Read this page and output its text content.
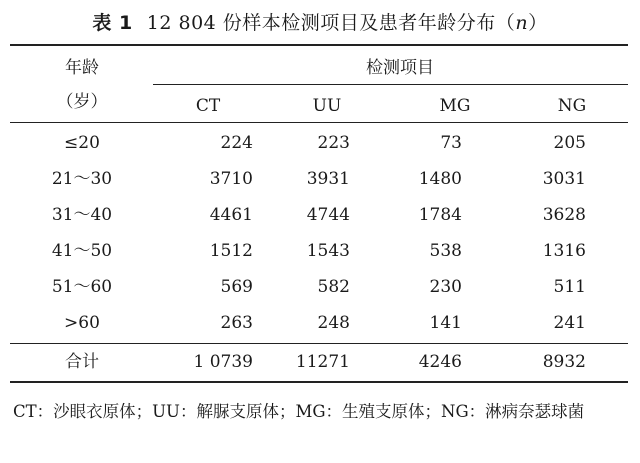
表 1 12 804 份样本检测项目及患者年龄分布（n）
年龄
（岁）
检测项目
CT	UU	MG	NG
≤20	224	223	73	205
21～30	3710	3931	1480	3031
31～40	4461	4744	1784	3628
41～50	1512	1543	538	1316
51～60	569	582	230	511
>60	263	248	141	241
合计	1 0739	11271	4246	8932
CT：沙眼衣原体；UU：解脲支原体；MG：生殖支原体；NG：淋病奈瑟球菌
